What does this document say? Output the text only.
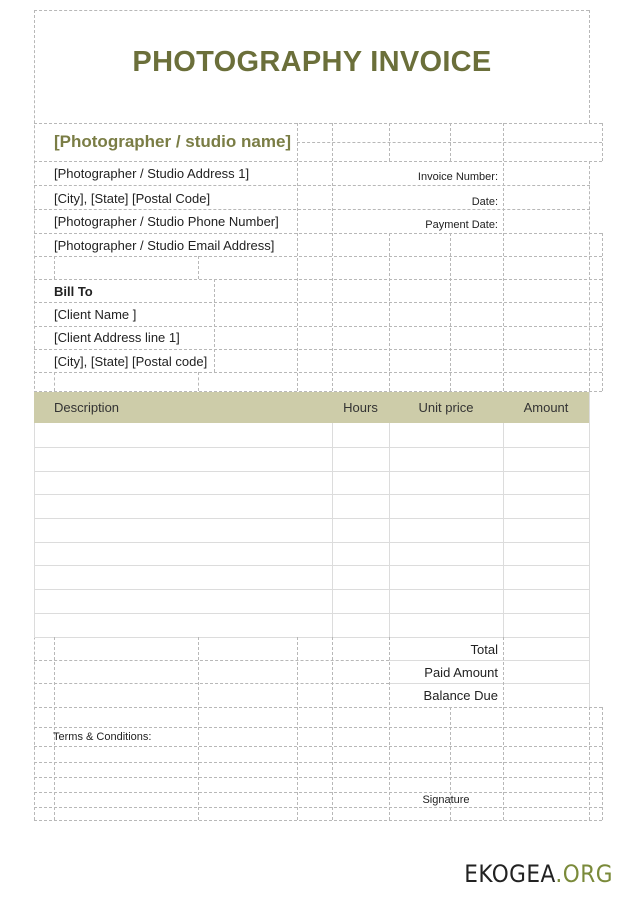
PHOTOGRAPHY INVOICE
[Photographer / studio name]
[Photographer / Studio Address 1]
[City], [State] [Postal Code]
[Photographer / Studio Phone Number]
[Photographer / Studio Email Address]
Invoice Number:
Date:
Payment Date:
Bill To
[Client Name ]
[Client Address line 1]
[City], [State] [Postal code]
Description	Hours	Unit price	Amount
Total
Paid Amount
Balance Due
Terms & Conditions:
Signature
EKOGEA.ORG
